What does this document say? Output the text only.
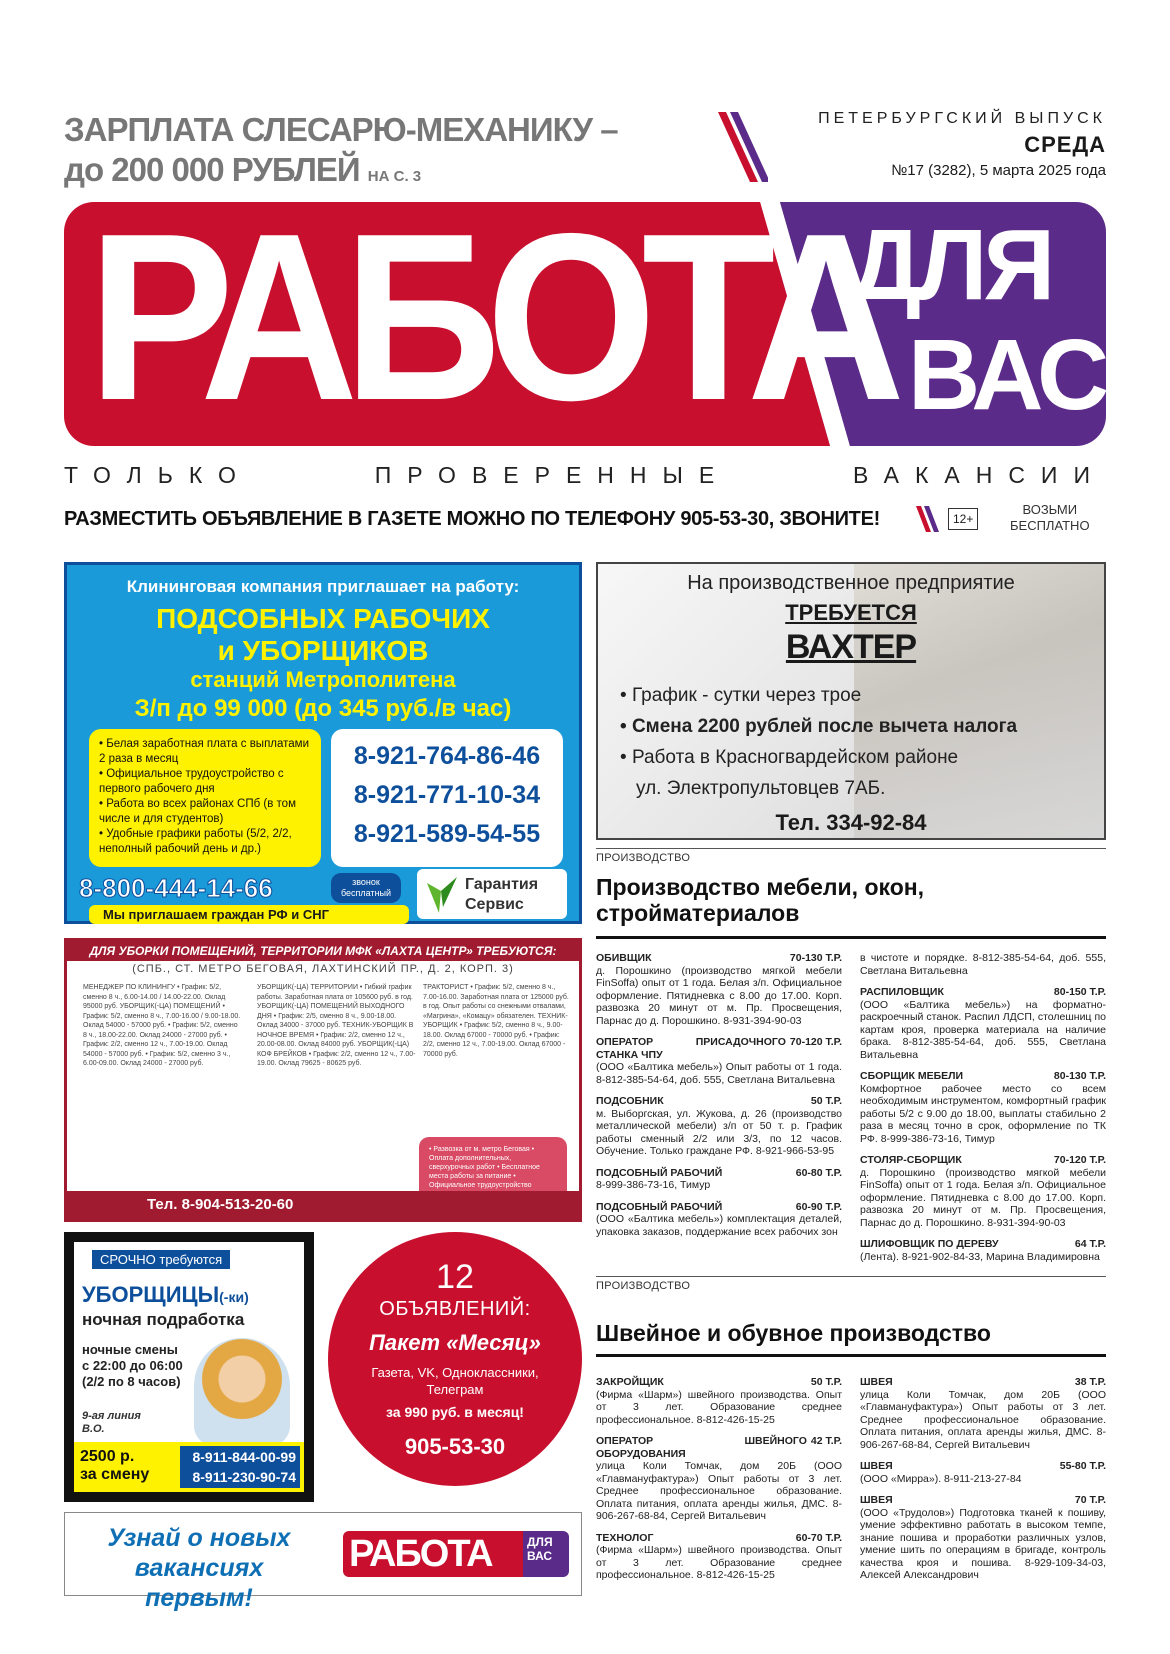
ЗАРПЛАТА СЛЕСАРЮ-МЕХАНИКУ –
до 200 000 РУБЛЕЙ НА С. 3
ПЕТЕРБУРГСКИЙ ВЫПУСК
СРЕДА
№17 (3282), 5 марта 2025 года
РАБОТА
ДЛЯ
ВАС
ТОЛЬКО	ПРОВЕРЕННЫЕ	ВАКАНСИИ
РАЗМЕСТИТЬ ОБЪЯВЛЕНИЕ В ГАЗЕТЕ МОЖНО ПО ТЕЛЕФОНУ 905-53-30, ЗВОНИТЕ!	12+
ВОЗЬМИ
БЕСПЛАТНО
Клининговая компания приглашает на работу:
ПОДСОБНЫХ РАБОЧИХ
и УБОРЩИКОВ
станций Метрополитена
З/п до 99 000 (до 345 руб./в час)
• Белая заработная плата с выплатами 2 раза в месяц
• Официальное трудоустройство с первого рабочего дня
• Работа во всех районах СПб (в том числе и для студентов)
• Удобные графики работы (5/2, 2/2, неполный рабочий день и др.)
8-921-764-86-46
8-921-771-10-34
8-921-589-54-55
8-800-444-14-66	звонок бесплатный
Мы приглашаем граждан РФ и СНГ
Гарантия
Сервис
На производственное предприятие
ТРЕБУЕТСЯ
ВАХТЕР
• График - сутки через трое
• Смена 2200 рублей после вычета налога
• Работа в Красногвардейском районе
ул. Электропультовцев 7АБ.
Тел. 334-92-84
ПРОИЗВОДСТВО
Производство мебели, окон,
стройматериалов
ОБИВЩИК	70-130 Т.Р.
д. Порошкино (производство мягкой мебели FinSoffa) опыт от 1 года. Белая з/п. Официальное оформление. Пятидневка с 8.00 до 17.00. Корп. развозка 20 минут от м. Пр. Просвещения, Парнас до д. Порошкино. 8-931-394-90-03
ОПЕРАТОР ПРИСАДОЧНОГО СТАНКА ЧПУ
70-120 Т.Р.
(ООО «Балтика мебель») Опыт работы от 1 года. 8-812-385-54-64, доб. 555, Светлана Витальевна
ПОДСОБНИК	50 Т.Р.
м. Выборгская, ул. Жукова, д. 26 (производство металлической мебели) з/п от 50 т. р. График работы сменный 2/2 или 3/3, по 12 часов. Обучение. Только граждане РФ. 8-921-966-53-95
ПОДСОБНЫЙ РАБОЧИЙ	60-80 Т.Р.
8-999-386-73-16, Тимур
ПОДСОБНЫЙ РАБОЧИЙ	60-90 Т.Р.
(ООО «Балтика мебель») комплектация деталей, упаковка заказов, поддержание всех рабочих зон
в чистоте и порядке. 8-812-385-54-64, доб. 555, Светлана Витальевна
РАСПИЛОВЩИК	80-150 Т.Р.
(ООО «Балтика мебель») на форматно-раскроечный станок. Распил ЛДСП, столешниц по картам кроя, проверка материала на наличие брака. 8-812-385-54-64, доб. 555, Светлана Витальевна
СБОРЩИК МЕБЕЛИ	80-130 Т.Р.
Комфортное рабочее место со всем необходимым инструментом, комфортный график работы 5/2 с 9.00 до 18.00, выплаты стабильно 2 раза в месяц точно в срок, оформление по ТК РФ. 8-999-386-73-16, Тимур
СТОЛЯР-СБОРЩИК	70-120 Т.Р.
д. Порошкино (производство мягкой мебели FinSoffa) опыт от 1 года. Белая з/п. Официальное оформление. Пятидневка с 8.00 до 17.00. Корп. развозка 20 минут от м. Пр. Просвещения, Парнас до д. Порошкино. 8-931-394-90-03
ШЛИФОВЩИК ПО ДЕРЕВУ	64 Т.Р.
(Лента). 8-921-902-84-33, Марина Владимировна
ПРОИЗВОДСТВО
Швейное и обувное производство
ЗАКРОЙЩИК	50 Т.Р.
(Фирма «Шарм») швейного производства. Опыт от 3 лет. Образование среднее профессиональное. 8-812-426-15-25
ОПЕРАТОР ШВЕЙНОГО ОБОРУДОВАНИЯ
42 Т.Р.
улица Коли Томчак, дом 20Б (ООО «Главмануфактура») Опыт работы от 3 лет. Среднее профессиональное образование. Оплата питания, оплата аренды жилья, ДМС. 8-906-267-68-84, Сергей Витальевич
ТЕХНОЛОГ	60-70 Т.Р.
(Фирма «Шарм») швейного производства. Опыт от 3 лет. Образование среднее профессиональное. 8-812-426-15-25
ШВЕЯ	38 Т.Р.
улица Коли Томчак, дом 20Б (ООО «Главмануфактура») Опыт работы от 3 лет. Среднее профессиональное образование. Оплата питания, оплата аренды жилья, ДМС. 8-906-267-68-84, Сергей Витальевич
ШВЕЯ	55-80 Т.Р.
(ООО «Мирра»). 8-911-213-27-84
ШВЕЯ	70 Т.Р.
(ООО «Трудолов») Подготовка тканей к пошиву, умение эффективно работать в высоком темпе, знание пошива и проработки различных узлов, умение шить по операциям в бригаде, контроль качества кроя и пошива. 8-929-109-34-03, Алексей Александрович
ДЛЯ УБОРКИ ПОМЕЩЕНИЙ, ТЕРРИТОРИИ МФК «ЛАХТА ЦЕНТР» ТРЕБУЮТСЯ:
(СПБ., СТ. МЕТРО БЕГОВАЯ, ЛАХТИНСКИЙ ПР., Д. 2, КОРП. 3)
МЕНЕДЖЕР ПО КЛИНИНГУ • График: 5/2, сменно 8 ч., 6.00-14.00 / 14.00-22.00. Оклад 95000 руб. УБОРЩИК(-ЦА) ПОМЕЩЕНИЙ • График: 5/2, сменно 8 ч., 7.00-16.00 / 9.00-18.00. Оклад 54000 - 57000 руб. • График: 5/2, сменно 8 ч., 18.00-22.00. Оклад 24000 - 27000 руб. • График: 2/2, сменно 12 ч., 7.00-19.00. Оклад 54000 - 57000 руб. • График: 5/2, сменно 3 ч., 6.00-09.00. Оклад 24000 - 27000 руб.
УБОРЩИК(-ЦА) ТЕРРИТОРИИ • Гибкий график работы. Заработная плата от 105600 руб. в год. УБОРЩИК(-ЦА) ПОМЕЩЕНИЙ ВЫХОДНОГО ДНЯ • График: 2/5, сменно 8 ч., 9.00-18.00. Оклад 34000 - 37000 руб. ТЕХНИК-УБОРЩИК В НОЧНОЕ ВРЕМЯ • График: 2/2, сменно 12 ч., 20.00-08.00. Оклад 84000 руб. УБОРЩИК(-ЦА) КОФ БРЕЙКОВ • График: 2/2, сменно 12 ч., 7.00-19.00. Оклад 79625 - 80625 руб.
ТРАКТОРИСТ • График: 5/2, сменно 8 ч., 7.00-16.00. Заработная плата от 125000 руб. в год. Опыт работы со снежными отвалами, «Магрина», «Комацу» обязателен. ТЕХНИК-УБОРЩИК • График: 5/2, сменно 8 ч., 9.00-18.00. Оклад 67000 - 70000 руб. • График: 2/2, сменно 12 ч., 7.00-19.00. Оклад 67000 - 70000 руб.
• Развозка от м. метро Беговая • Оплата дополнительных, сверхурочных работ • Бесплатное места работы за питание • Официальное трудоустройство
Тел. 8-904-513-20-60
СРОЧНО требуются
УБОРЩИЦЫ(-ки)
ночная подработка
ночные смены
с 22:00 до 06:00
(2/2 по 8 часов)
9-ая линия
В.О.
2500 р.
за смену
8-911-844-00-99
8-911-230-90-74
12
ОБЪЯВЛЕНИЙ:
Пакет «Месяц»
Газета, VK, Одноклассники, Телеграм
за 990 руб. в месяц!
905-53-30
Узнай о новых
вакансиях первым!
РАБОТА	ДЛЯ
ВАС
